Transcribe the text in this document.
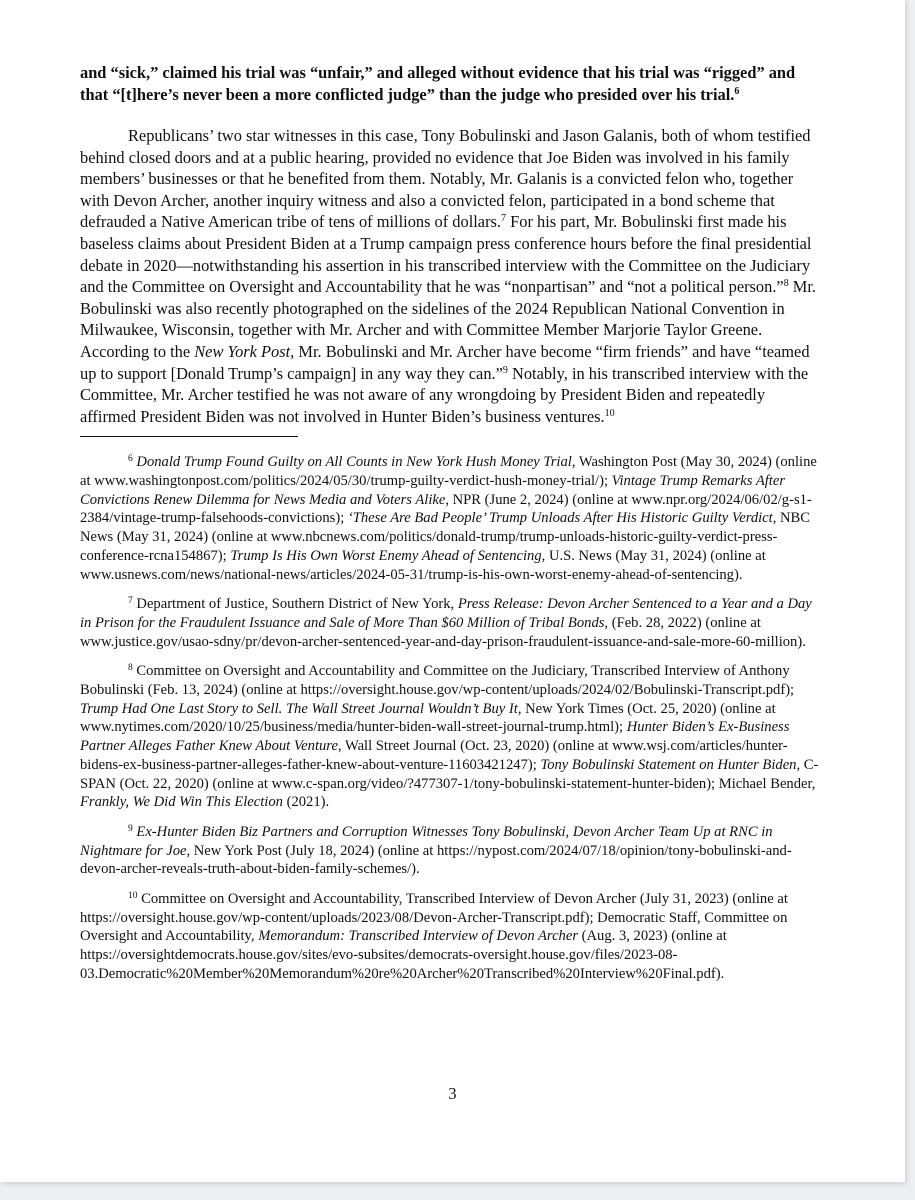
and “sick,” claimed his trial was “unfair,” and alleged without evidence that his trial was “rigged” and that “[t]here’s never been a more conflicted judge” than the judge who presided over his trial.$^6$

Republicans’ two star witnesses in this case, Tony Bobulinski and Jason Galanis, both of whom testified behind closed doors and at a public hearing, provided no evidence that Joe Biden was involved in his family members’ businesses or that he benefited from them. Notably, Mr. Galanis is a convicted felon who, together with Devon Archer, another inquiry witness and also a convicted felon, participated in a bond scheme that defrauded a Native American tribe of tens of millions of dollars.$^7$ For his part, Mr. Bobulinski first made his baseless claims about President Biden at a Trump campaign press conference hours before the final presidential debate in 2020—notwithstanding his assertion in his transcribed interview with the Committee on the Judiciary and the Committee on Oversight and Accountability that he was “nonpartisan” and “not a political person.”$^8$ Mr. Bobulinski was also recently photographed on the sidelines of the 2024 Republican National Convention in Milwaukee, Wisconsin, together with Mr. Archer and with Committee Member Marjorie Taylor Greene. According to the New York Post, Mr. Bobulinski and Mr. Archer have become “firm friends” and have “teamed up to support [Donald Trump’s campaign] in any way they can.”$^9$ Notably, in his transcribed interview with the Committee, Mr. Archer testified he was not aware of any wrongdoing by President Biden and repeatedly affirmed President Biden was not involved in Hunter Biden’s business ventures.$^{10}$

$^6$ Donald Trump Found Guilty on All Counts in New York Hush Money Trial, Washington Post (May 30, 2024) (online at www.washingtonpost.com/politics/2024/05/30/trump-guilty-verdict-hush-money-trial/); Vintage Trump Remarks After Convictions Renew Dilemma for News Media and Voters Alike, NPR (June 2, 2024) (online at www.npr.org/2024/06/02/g-s1-2384/vintage-trump-falsehoods-convictions); ‘These Are Bad People’ Trump Unloads After His Historic Guilty Verdict, NBC News (May 31, 2024) (online at www.nbcnews.com/politics/donald-trump/trump-unloads-historic-guilty-verdict-press-conference-rcna154867); Trump Is His Own Worst Enemy Ahead of Sentencing, U.S. News (May 31, 2024) (online at www.usnews.com/news/national-news/articles/2024-05-31/trump-is-his-own-worst-enemy-ahead-of-sentencing).

$^7$ Department of Justice, Southern District of New York, Press Release: Devon Archer Sentenced to a Year and a Day in Prison for the Fraudulent Issuance and Sale of More Than $60 Million of Tribal Bonds, (Feb. 28, 2022) (online at www.justice.gov/usao-sdny/pr/devon-archer-sentenced-year-and-day-prison-fraudulent-issuance-and-sale-more-60-million).

$^8$ Committee on Oversight and Accountability and Committee on the Judiciary, Transcribed Interview of Anthony Bobulinski (Feb. 13, 2024) (online at https://oversight.house.gov/wp-content/uploads/2024/02/Bobulinski-Transcript.pdf); Trump Had One Last Story to Sell. The Wall Street Journal Wouldn’t Buy It, New York Times (Oct. 25, 2020) (online at www.nytimes.com/2020/10/25/business/media/hunter-biden-wall-street-journal-trump.html); Hunter Biden’s Ex-Business Partner Alleges Father Knew About Venture, Wall Street Journal (Oct. 23, 2020) (online at www.wsj.com/articles/hunter-bidens-ex-business-partner-alleges-father-knew-about-venture-11603421247); Tony Bobulinski Statement on Hunter Biden, C-SPAN (Oct. 22, 2020) (online at www.c-span.org/video/?477307-1/tony-bobulinski-statement-hunter-biden); Michael Bender, Frankly, We Did Win This Election (2021).

$^9$ Ex-Hunter Biden Biz Partners and Corruption Witnesses Tony Bobulinski, Devon Archer Team Up at RNC in Nightmare for Joe, New York Post (July 18, 2024) (online at https://nypost.com/2024/07/18/opinion/tony-bobulinski-and-devon-archer-reveals-truth-about-biden-family-schemes/).

$^{10}$ Committee on Oversight and Accountability, Transcribed Interview of Devon Archer (July 31, 2023) (online at https://oversight.house.gov/wp-content/uploads/2023/08/Devon-Archer-Transcript.pdf); Democratic Staff, Committee on Oversight and Accountability, Memorandum: Transcribed Interview of Devon Archer (Aug. 3, 2023) (online at https://oversightdemocrats.house.gov/sites/evo-subsites/democrats-oversight.house.gov/files/2023-08-03.Democratic%20Member%20Memorandum%20re%20Archer%20Transcribed%20Interview%20Final.pdf).

3
